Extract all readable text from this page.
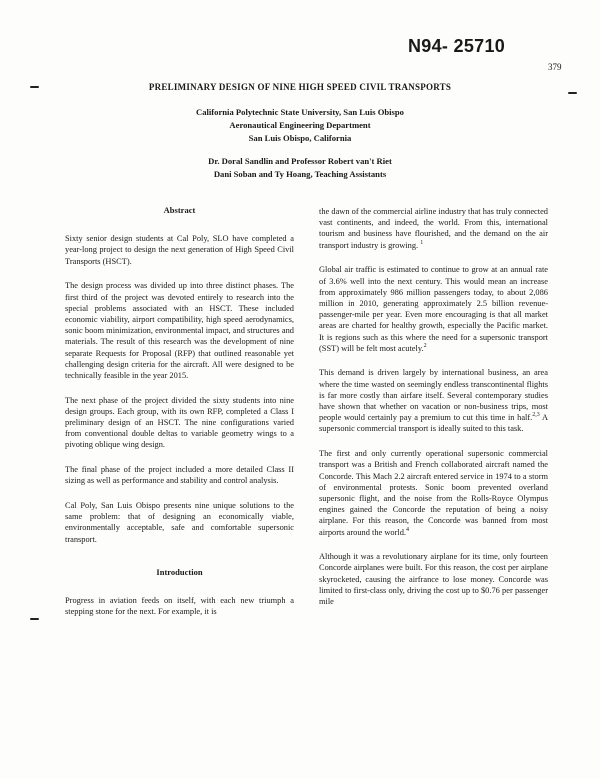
N94- 25710
379
PRELIMINARY DESIGN OF NINE HIGH SPEED CIVIL TRANSPORTS
California Polytechnic State University, San Luis Obispo
Aeronautical Engineering Department
San Luis Obispo, California
Dr. Doral Sandlin and Professor Robert van't Riet
Dani Soban and Ty Hoang, Teaching Assistants
Abstract

Sixty senior design students at Cal Poly, SLO have completed a year-long project to design the next generation of High Speed Civil Transports (HSCT).

The design process was divided up into three distinct phases. The first third of the project was devoted entirely to research into the special problems associated with an HSCT. These included economic viability, airport compatibility, high speed aerodynamics, sonic boom minimization, environmental impact, and structures and materials. The result of this research was the development of nine separate Requests for Proposal (RFP) that outlined reasonable yet challenging design criteria for the aircraft. All were designed to be technically feasible in the year 2015.

The next phase of the project divided the sixty students into nine design groups. Each group, with its own RFP, completed a Class I preliminary design of an HSCT. The nine configurations varied from conventional double deltas to variable geometry wings to a pivoting oblique wing design.

The final phase of the project included a more detailed Class II sizing as well as performance and stability and control analysis.

Cal Poly, San Luis Obispo presents nine unique solutions to the same problem: that of designing an economically viable, environmentally acceptable, safe and comfortable supersonic transport.

Introduction

Progress in aviation feeds on itself, with each new triumph a stepping stone for the next. For example, it is

the dawn of the commercial airline industry that has truly connected vast continents, and indeed, the world. From this, international tourism and business have flourished, and the demand on the air transport industry is growing. $^1$

Global air traffic is estimated to continue to grow at an annual rate of 3.6% well into the next century. This would mean an increase from approximately 986 million passengers today, to about 2,086 million in 2010, generating approximately 2.5 billion revenue-passenger-mile per year. Even more encouraging is that all market areas are charted for healthy growth, especially the Pacific market. It is regions such as this where the need for a supersonic transport (SST) will be felt most acutely.$^2$

This demand is driven largely by international business, an area where the time wasted on seemingly endless transcontinental flights is far more costly than airfare itself. Several contemporary studies have shown that whether on vacation or non-business trips, most people would certainly pay a premium to cut this time in half.$^{2,3}$ A supersonic commercial transport is ideally suited to this task.

The first and only currently operational supersonic commercial transport was a British and French collaborated aircraft named the Concorde. This Mach 2.2 aircraft entered service in 1974 to a storm of environmental protests. Sonic boom prevented overland supersonic flight, and the noise from the Rolls-Royce Olympus engines gained the Concorde the reputation of being a noisy airplane. For this reason, the Concorde was banned from most airports around the world.$^4$

Although it was a revolutionary airplane for its time, only fourteen Concorde airplanes were built. For this reason, the cost per airplane skyrocketed, causing the airfrance to lose money. Concorde was limited to first-class only, driving the cost up to $0.76 per passenger mile
